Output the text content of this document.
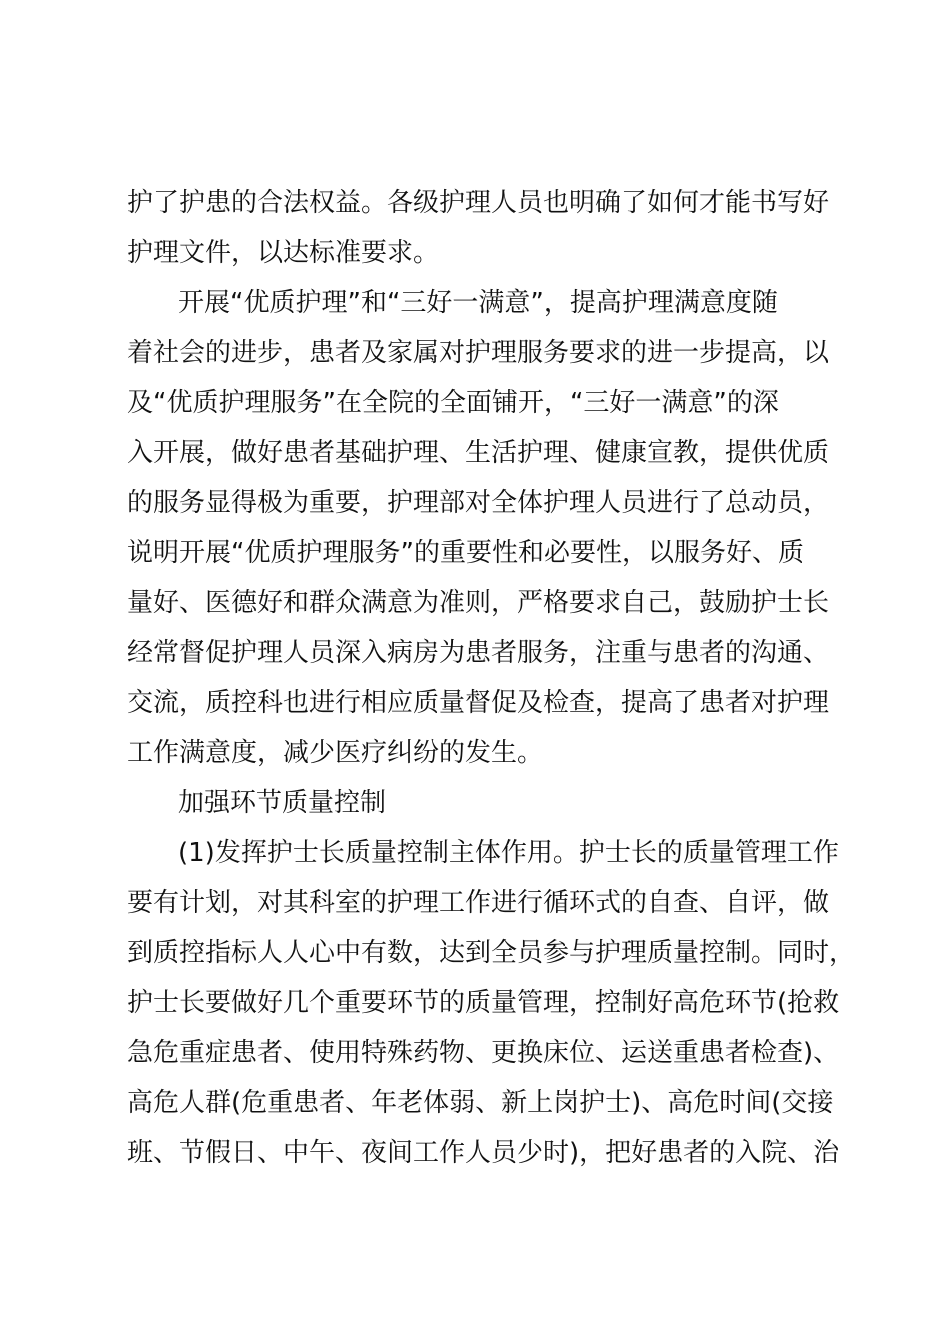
护了护患的合法权益。各级护理人员也明确了如何才能书写好
护理文件，以达标准要求。
开展“优质护理”和“三好一满意”，提高护理满意度随
着社会的进步，患者及家属对护理服务要求的进一步提高，以
及“优质护理服务”在全院的全面铺开，“三好一满意”的深
入开展，做好患者基础护理、生活护理、健康宣教，提供优质
的服务显得极为重要，护理部对全体护理人员进行了总动员，
说明开展“优质护理服务”的重要性和必要性，以服务好、质
量好、医德好和群众满意为准则，严格要求自己，鼓励护士长
经常督促护理人员深入病房为患者服务，注重与患者的沟通、
交流，质控科也进行相应质量督促及检查，提高了患者对护理
工作满意度，减少医疗纠纷的发生。
加强环节质量控制
(1)发挥护士长质量控制主体作用。护士长的质量管理工作
要有计划，对其科室的护理工作进行循环式的自查、自评，做
到质控指标人人心中有数，达到全员参与护理质量控制。同时，
护士长要做好几个重要环节的质量管理，控制好高危环节(抢救
急危重症患者、使用特殊药物、更换床位、运送重患者检查)、
高危人群(危重患者、年老体弱、新上岗护士)、高危时间(交接
班、节假日、中午、夜间工作人员少时)，把好患者的入院、治
